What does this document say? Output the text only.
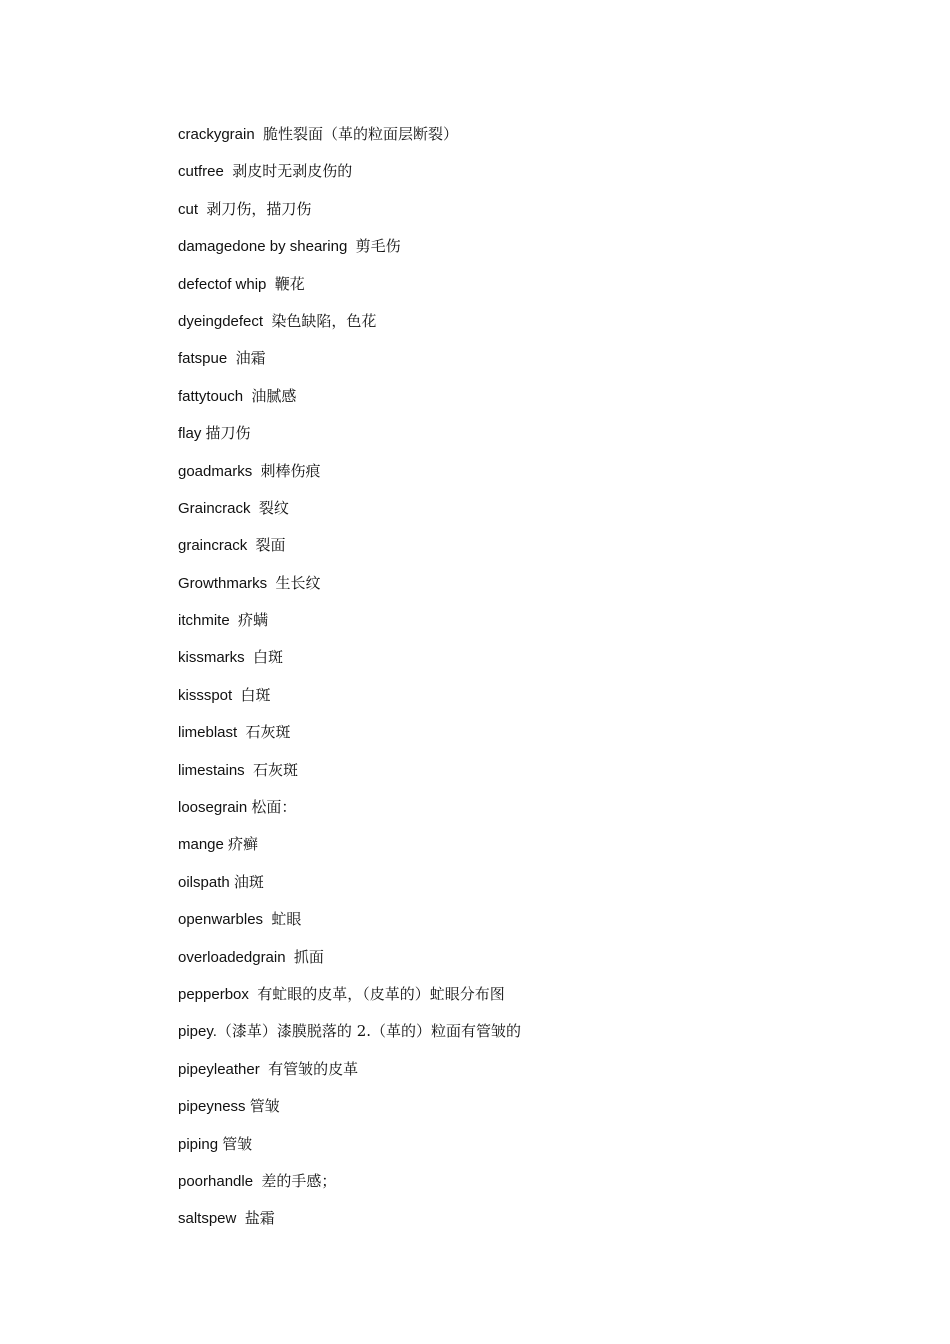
crackygrain 脆性裂面（革的粒面层断裂）
cutfree 剥皮时无剥皮伤的
cut 剥刀伤，描刀伤
damagedone by shearing 剪毛伤
defectof whip 鞭花
dyeingdefect 染色缺陷，色花
fatspue 油霜
fattytouch 油腻感
flay 描刀伤
goadmarks 刺棒伤痕
Graincrack 裂纹
graincrack 裂面
Growthmarks 生长纹
itchmite 疥螨
kissmarks 白斑
kissspot 白斑
limeblast 石灰斑
limestains 石灰斑
loosegrain 松面：
mange 疥癣
oilspath 油斑
openwarbles 虻眼
overloadedgrain 抓面
pepperbox 有虻眼的皮革，（皮革的）虻眼分布图
pipey.（漆革）漆膜脱落的 2.（革的）粒面有管皱的
pipeyleather 有管皱的皮革
pipeyness 管皱
piping 管皱
poorhandle 差的手感；
saltspew 盐霜
